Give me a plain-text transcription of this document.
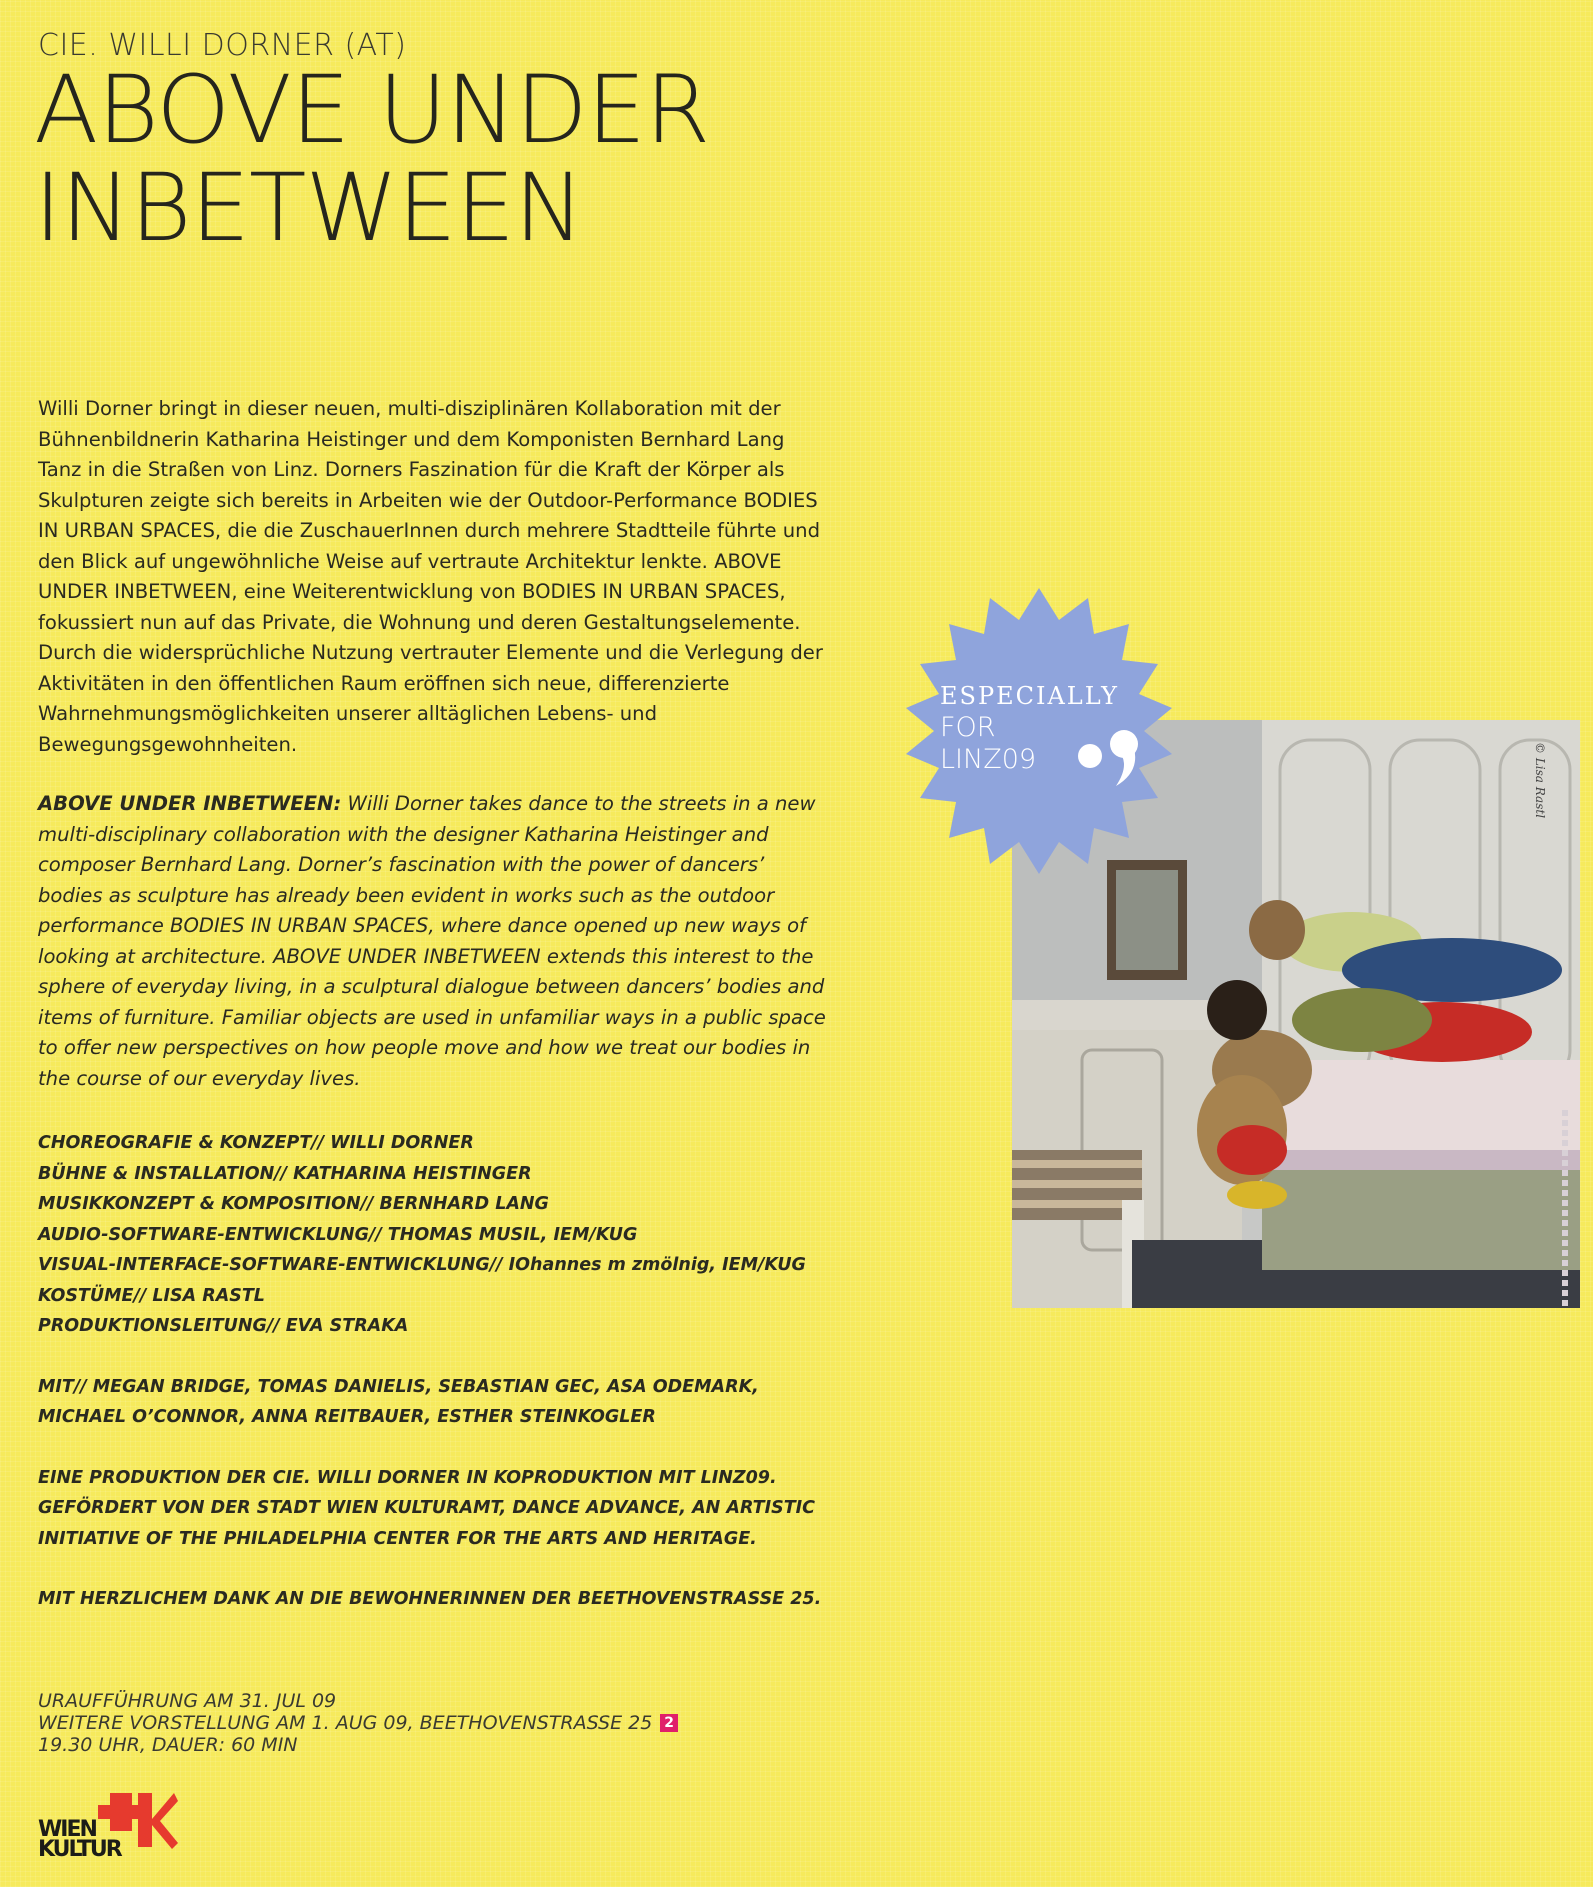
CIE. WILLI DORNER (AT)
ABOVE UNDER
INBETWEEN

Willi Dorner bringt in dieser neuen, multi-disziplinären Kollaboration mit der Bühnenbildnerin Katharina Heistinger und dem Komponisten Bernhard Lang Tanz in die Straßen von Linz. Dorners Faszination für die Kraft der Körper als Skulpturen zeigte sich bereits in Arbeiten wie der Outdoor-Performance BODIES IN URBAN SPACES, die die ZuschauerInnen durch mehrere Stadtteile führte und den Blick auf ungewöhnliche Weise auf vertraute Architektur lenkte. ABOVE UNDER INBETWEEN, eine Weiterentwicklung von BODIES IN URBAN SPACES, fokussiert nun auf das Private, die Wohnung und deren Gestaltungselemente. Durch die widersprüchliche Nutzung vertrauter Elemente und die Verlegung der Aktivitäten in den öffentlichen Raum eröffnen sich neue, differenzierte Wahrnehmungsmöglichkeiten unserer alltäglichen Lebens- und Bewegungsgewohnheiten.

ABOVE UNDER INBETWEEN: Willi Dorner takes dance to the streets in a new multi-disciplinary collaboration with the designer Katharina Heistinger and composer Bernhard Lang. Dorner’s fascination with the power of dancers’ bodies as sculpture has already been evident in works such as the outdoor performance BODIES IN URBAN SPACES, where dance opened up new ways of looking at architecture. ABOVE UNDER INBETWEEN extends this interest to the sphere of everyday living, in a sculptural dialogue between dancers’ bodies and items of furniture. Familiar objects are used in unfamiliar ways in a public space to offer new perspectives on how people move and how we treat our bodies in the course of our everyday lives.

CHOREOGRAFIE & KONZEPT// WILLI DORNER
BÜHNE & INSTALLATION// KATHARINA HEISTINGER
MUSIKKONZEPT & KOMPOSITION// BERNHARD LANG
AUDIO-SOFTWARE-ENTWICKLUNG// THOMAS MUSIL, IEM/KUG
VISUAL-INTERFACE-SOFTWARE-ENTWICKLUNG// IOhannes m zmölnig, IEM/KUG
KOSTÜME// LISA RASTL
PRODUKTIONSLEITUNG// EVA STRAKA
MIT// MEGAN BRIDGE, TOMAS DANIELIS, SEBASTIAN GEC, ASA ODEMARK,
MICHAEL O’CONNOR, ANNA REITBAUER, ESTHER STEINKOGLER
EINE PRODUKTION DER CIE. WILLI DORNER IN KOPRODUKTION MIT LINZ09.
GEFÖRDERT VON DER STADT WIEN KULTURAMT, DANCE ADVANCE, AN ARTISTIC
INITIATIVE OF THE PHILADELPHIA CENTER FOR THE ARTS AND HERITAGE.
MIT HERZLICHEM DANK AN DIE BEWOHNERINNEN DER BEETHOVENSTRASSE 25.
URAUFFÜHRUNG AM 31. JUL 09
WEITERE VORSTELLUNG AM 1. AUG 09, BEETHOVENSTRASSE 25 2
19.30 UHR, DAUER: 60 MIN
© Lisa Rastl
ESPECIALLY
FOR
LINZ09
WIEN
KULTUR
